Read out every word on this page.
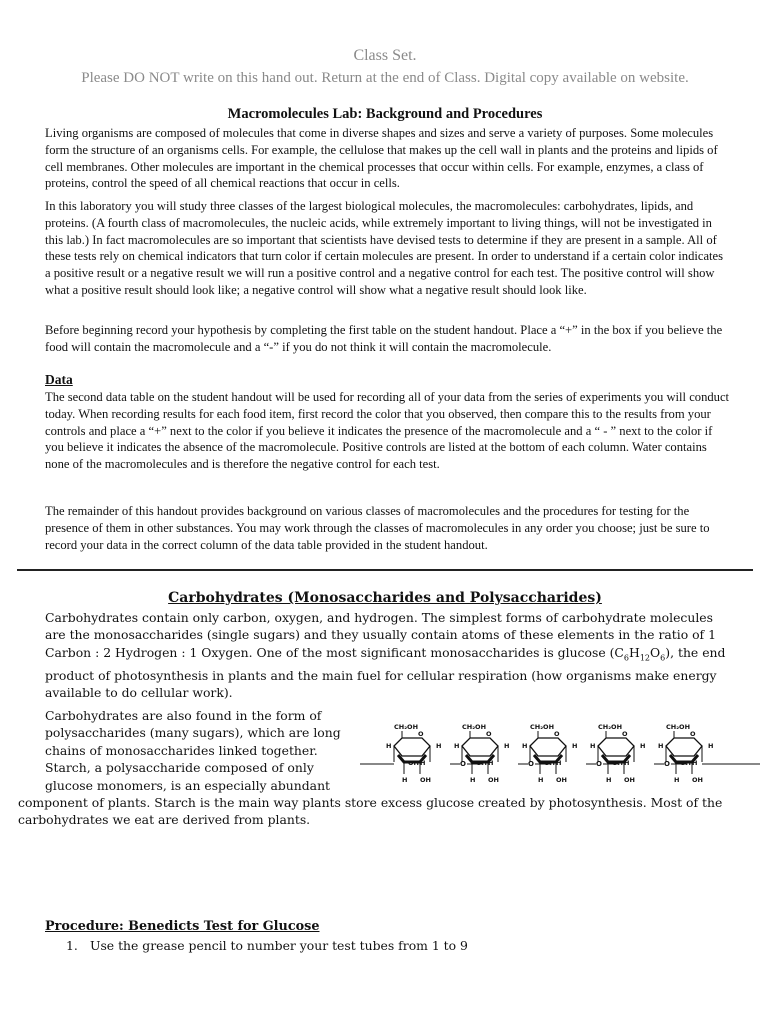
Class Set.
Please DO NOT write on this hand out. Return at the end of Class. Digital copy available on website.
Macromolecules Lab: Background and Procedures

Living organisms are composed of molecules that come in diverse shapes and sizes and serve a variety of purposes. Some molecules form the structure of an organisms cells. For example, the cellulose that makes up the cell wall in plants and the proteins and lipids of cell membranes. Other molecules are important in the chemical processes that occur within cells. For example, enzymes, a class of proteins, control the speed of all chemical reactions that occur in cells.

In this laboratory you will study three classes of the largest biological molecules, the macromolecules: carbohydrates, lipids, and proteins. (A fourth class of macromolecules, the nucleic acids, while extremely important to living things, will not be investigated in this lab.) In fact macromolecules are so important that scientists have devised tests to determine if they are present in a sample. All of these tests rely on chemical indicators that turn color if certain molecules are present. In order to understand if a certain color indicates a positive result or a negative result we will run a positive control and a negative control for each test. The positive control will show what a positive result should look like; a negative control will show what a negative result should look like.

Before beginning record your hypothesis by completing the first table on the student handout. Place a “+” in the box if you believe the food will contain the macromolecule and a “-” if you do not think it will contain the macromolecule.

Data

The second data table on the student handout will be used for recording all of your data from the series of experiments you will conduct today. When recording results for each food item, first record the color that you observed, then compare this to the results from your controls and place a “+” next to the color if you believe it indicates the presence of the macromolecule and a “ - ” next to the color if you believe it indicates the absence of the macromolecule. Positive controls are listed at the bottom of each column. Water contains none of the macromolecules and is therefore the negative control for each test.

The remainder of this handout provides background on various classes of macromolecules and the procedures for testing for the presence of them in other substances. You may work through the classes of macromolecules in any order you choose; just be sure to record your data in the correct column of the data table provided in the student handout.

Carbohydrates (Monosaccharides and Polysaccharides)

Carbohydrates contain only carbon, oxygen, and hydrogen. The simplest forms of carbohydrate molecules are the monosaccharides (single sugars) and they usually contain atoms of these elements in the ratio of 1 Carbon : 2 Hydrogen : 1 Oxygen. One of the most significant monosaccharides is glucose $(C_6H_{12}O_6)$, the end product of photosynthesis in plants and the main fuel for cellular respiration (how organisms make energy available to do cellular work).

Carbohydrates are also found in the form of
polysaccharides (many sugars), which are long
chains of monosaccharides linked together.
Starch, a polysaccharide composed of only
glucose monomers, is an especially abundant

component of plants. Starch is the main way plants store excess glucose created by photosynthesis. Most of the carbohydrates we eat are derived from plants.

CH₂OH
O
H	H
OH H
H OH
O
CH₂OH
O
H	H
OH H
H OH
O
CH₂OH
O
H	H
OH H
H OH
O
CH₂OH
O
H	H
OH H
H OH
O
CH₂OH
O
H	H
OH H
H OH
Procedure: Benedicts Test for Glucose
1. Use the grease pencil to number your test tubes from 1 to 9
